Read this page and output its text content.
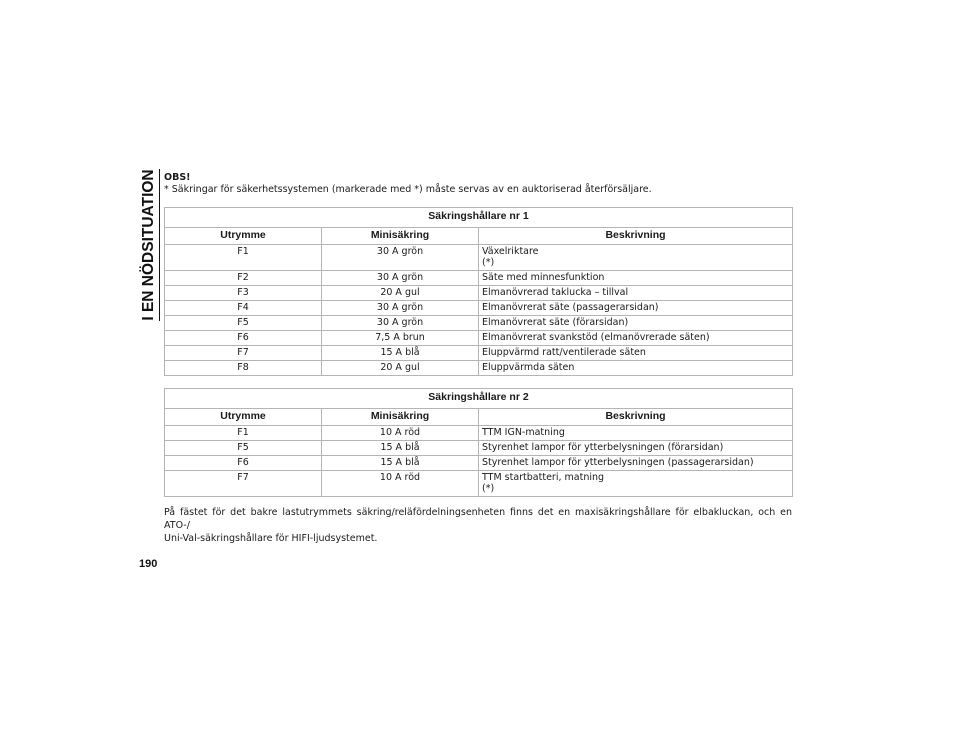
I EN NÖDSITUATION
190

OBS!

* Säkringar för säkerhetssystemen (markerade med *) måste servas av en auktoriserad återförsäljare.

Säkringshållare nr 1		
Utrymme	Minisäkring	Beskrivning
F1	30 A grön	Växelriktare
(*)

F2	30 A grön	Säte med minnesfunktion
F3	20 A gul	Elmanövrerad taklucka – tillval
F4	30 A grön	Elmanövrerat säte (passagerarsidan)
F5	30 A grön	Elmanövrerat säte (förarsidan)
F6	7,5 A brun	Elmanövrerat svankstöd (elmanövrerade säten)
F7	15 A blå	Eluppvärmd ratt/ventilerade säten
F8	20 A gul	Eluppvärmda säten
Säkringshållare nr 2		
Utrymme	Minisäkring	Beskrivning
F1	10 A röd	TTM IGN-matning
F5	15 A blå	Styrenhet lampor för ytterbelysningen (förarsidan)
F6	15 A blå	Styrenhet lampor för ytterbelysningen (passagerarsidan)
F7	10 A röd	TTM startbatteri, matning
(*)
På fästet för det bakre lastutrymmets säkring/reläfördelningsenheten finns det en maxisäkringshållare för elbakluckan, och en ATO-/
Uni-Val-säkringshållare för HIFI-ljudsystemet.
